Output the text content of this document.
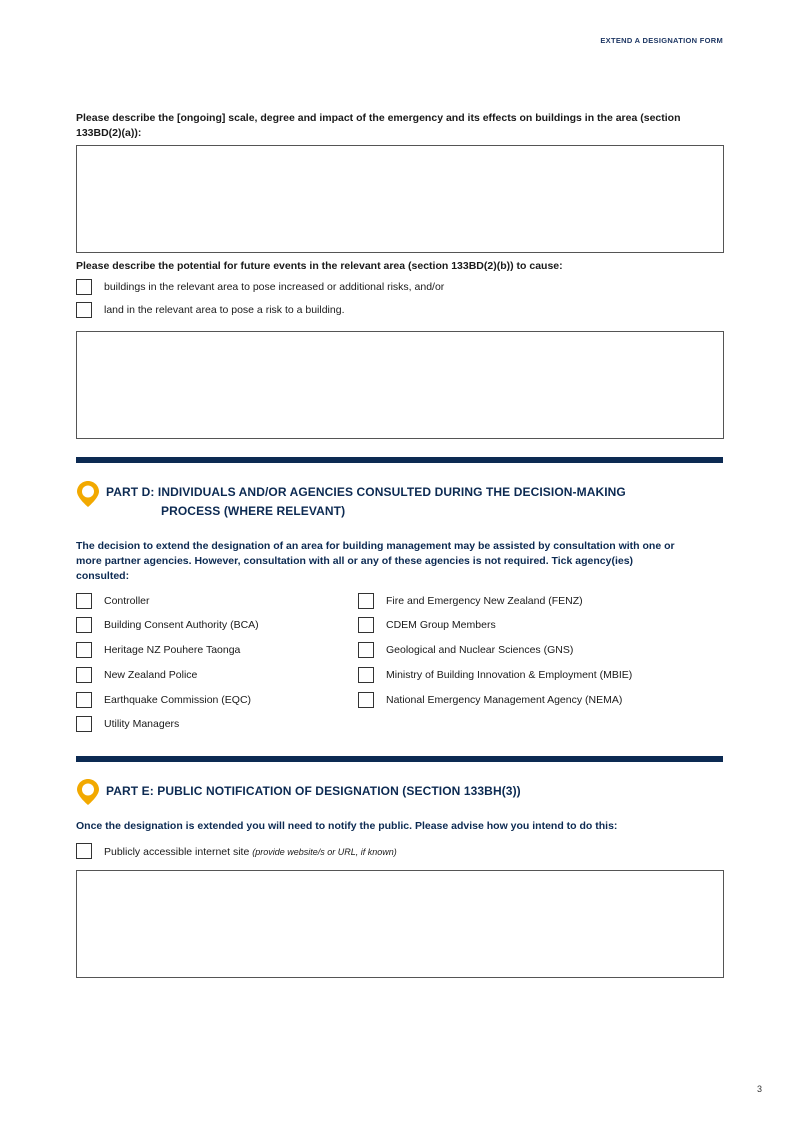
EXTEND A DESIGNATION FORM
Please describe the [ongoing] scale, degree and impact of the emergency and its effects on buildings in the area (section 133BD(2)(a)):
Please describe the potential for future events in the relevant area (section 133BD(2)(b)) to cause:
buildings in the relevant area to pose increased or additional risks, and/or
land in the relevant area to pose a risk to a building.
PART D: INDIVIDUALS AND/OR AGENCIES CONSULTED DURING THE DECISION-MAKING
PROCESS (WHERE RELEVANT)
The decision to extend the designation of an area for building management may be assisted by consultation with one or more partner agencies. However, consultation with all or any of these agencies is not required. Tick agency(ies) consulted:
Controller
Building Consent Authority (BCA)
Heritage NZ Pouhere Taonga
New Zealand Police
Earthquake Commission (EQC)
Utility Managers
Fire and Emergency New Zealand (FENZ)
CDEM Group Members
Geological and Nuclear Sciences (GNS)
Ministry of Building Innovation & Employment (MBIE)
National Emergency Management Agency (NEMA)
PART E: PUBLIC NOTIFICATION OF DESIGNATION (SECTION 133BH(3))
Once the designation is extended you will need to notify the public. Please advise how you intend to do this:
Publicly accessible internet site (provide website/s or URL, if known)
3
